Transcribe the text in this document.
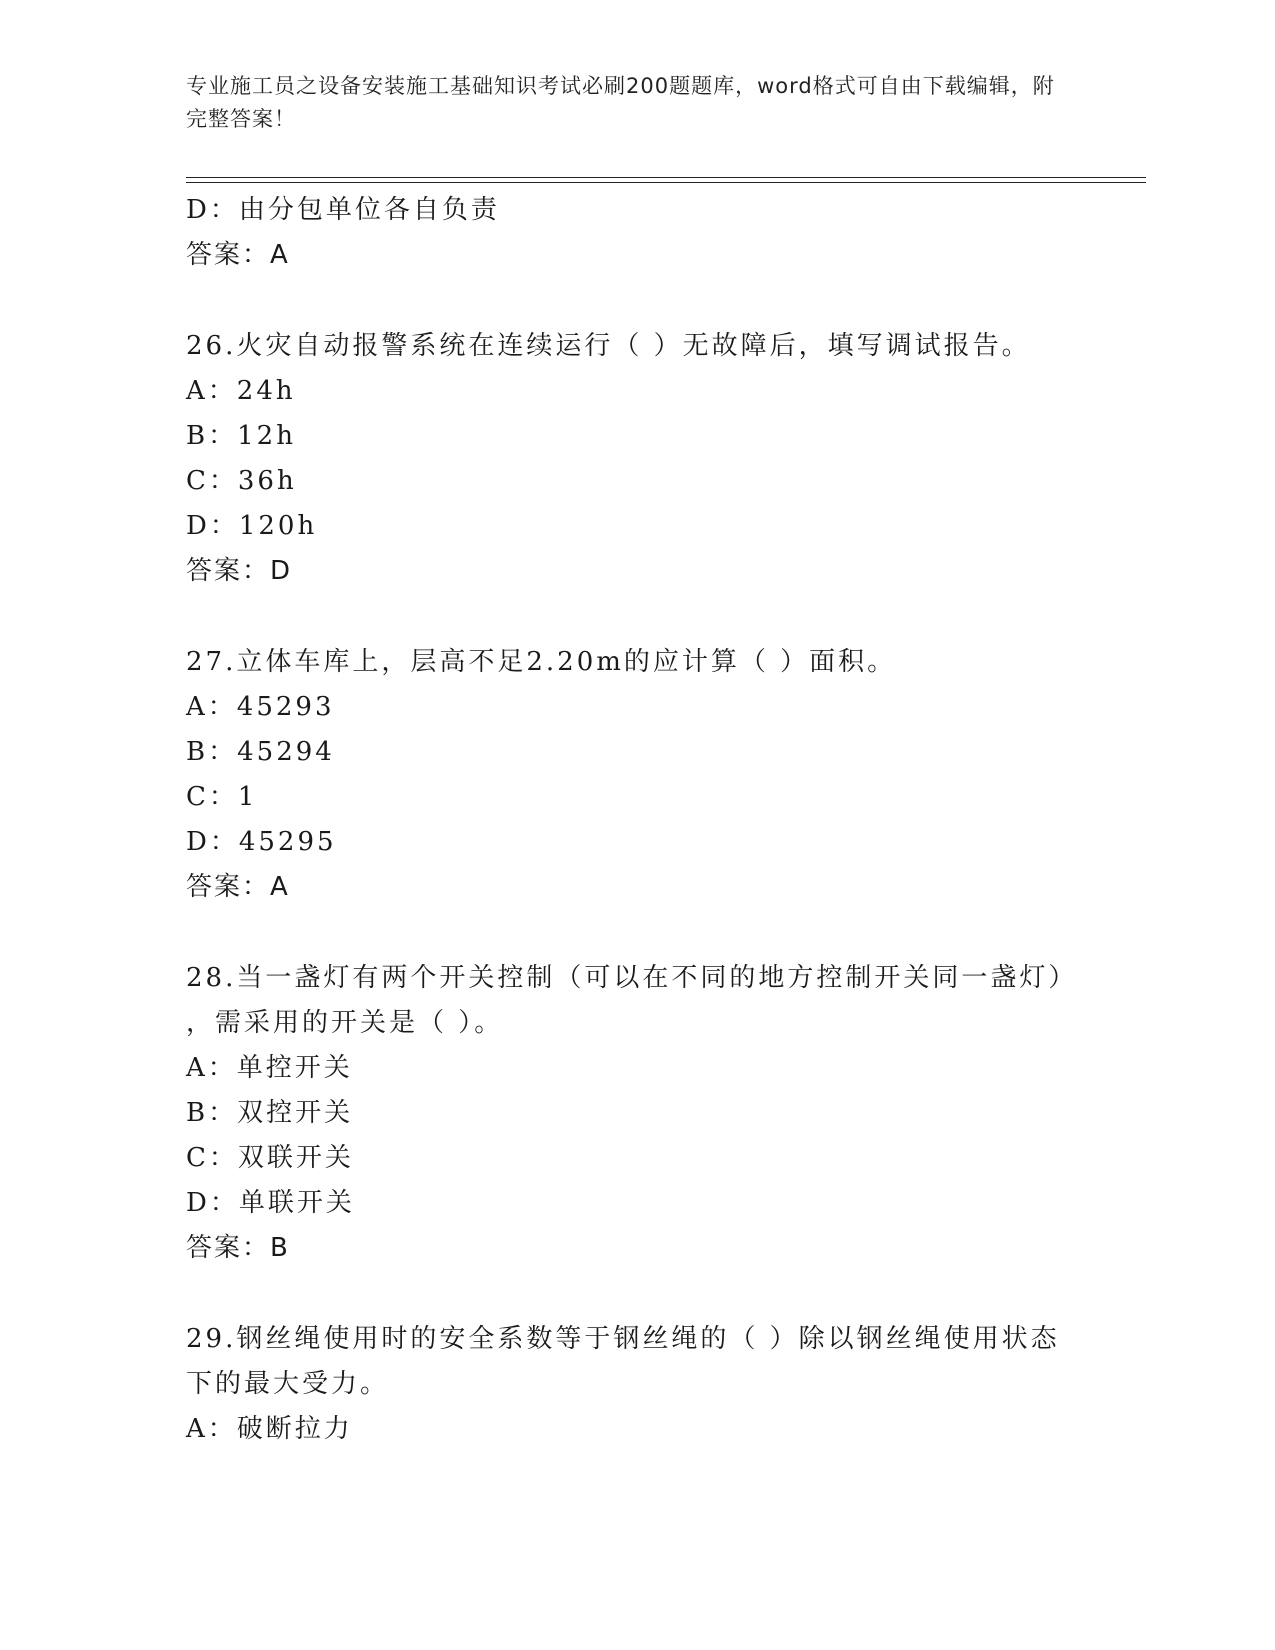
专业施工员之设备安装施工基础知识考试必刷200题题库，word格式可自由下载编辑，附完整答案！
D：由分包单位各自负责
答案：A
26.火灾自动报警系统在连续运行（ ）无故障后，填写调试报告。
A：24h
B：12h
C：36h
D：120h
答案：D
27.立体车库上，层高不足2.20m的应计算（ ）面积。
A：45293
B：45294
C：1
D：45295
答案：A
28.当一盏灯有两个开关控制（可以在不同的地方控制开关同一盏灯）
，需采用的开关是（ ）。
A：单控开关
B：双控开关
C：双联开关
D：单联开关
答案：B
29.钢丝绳使用时的安全系数等于钢丝绳的（ ）除以钢丝绳使用状态
下的最大受力。
A：破断拉力
